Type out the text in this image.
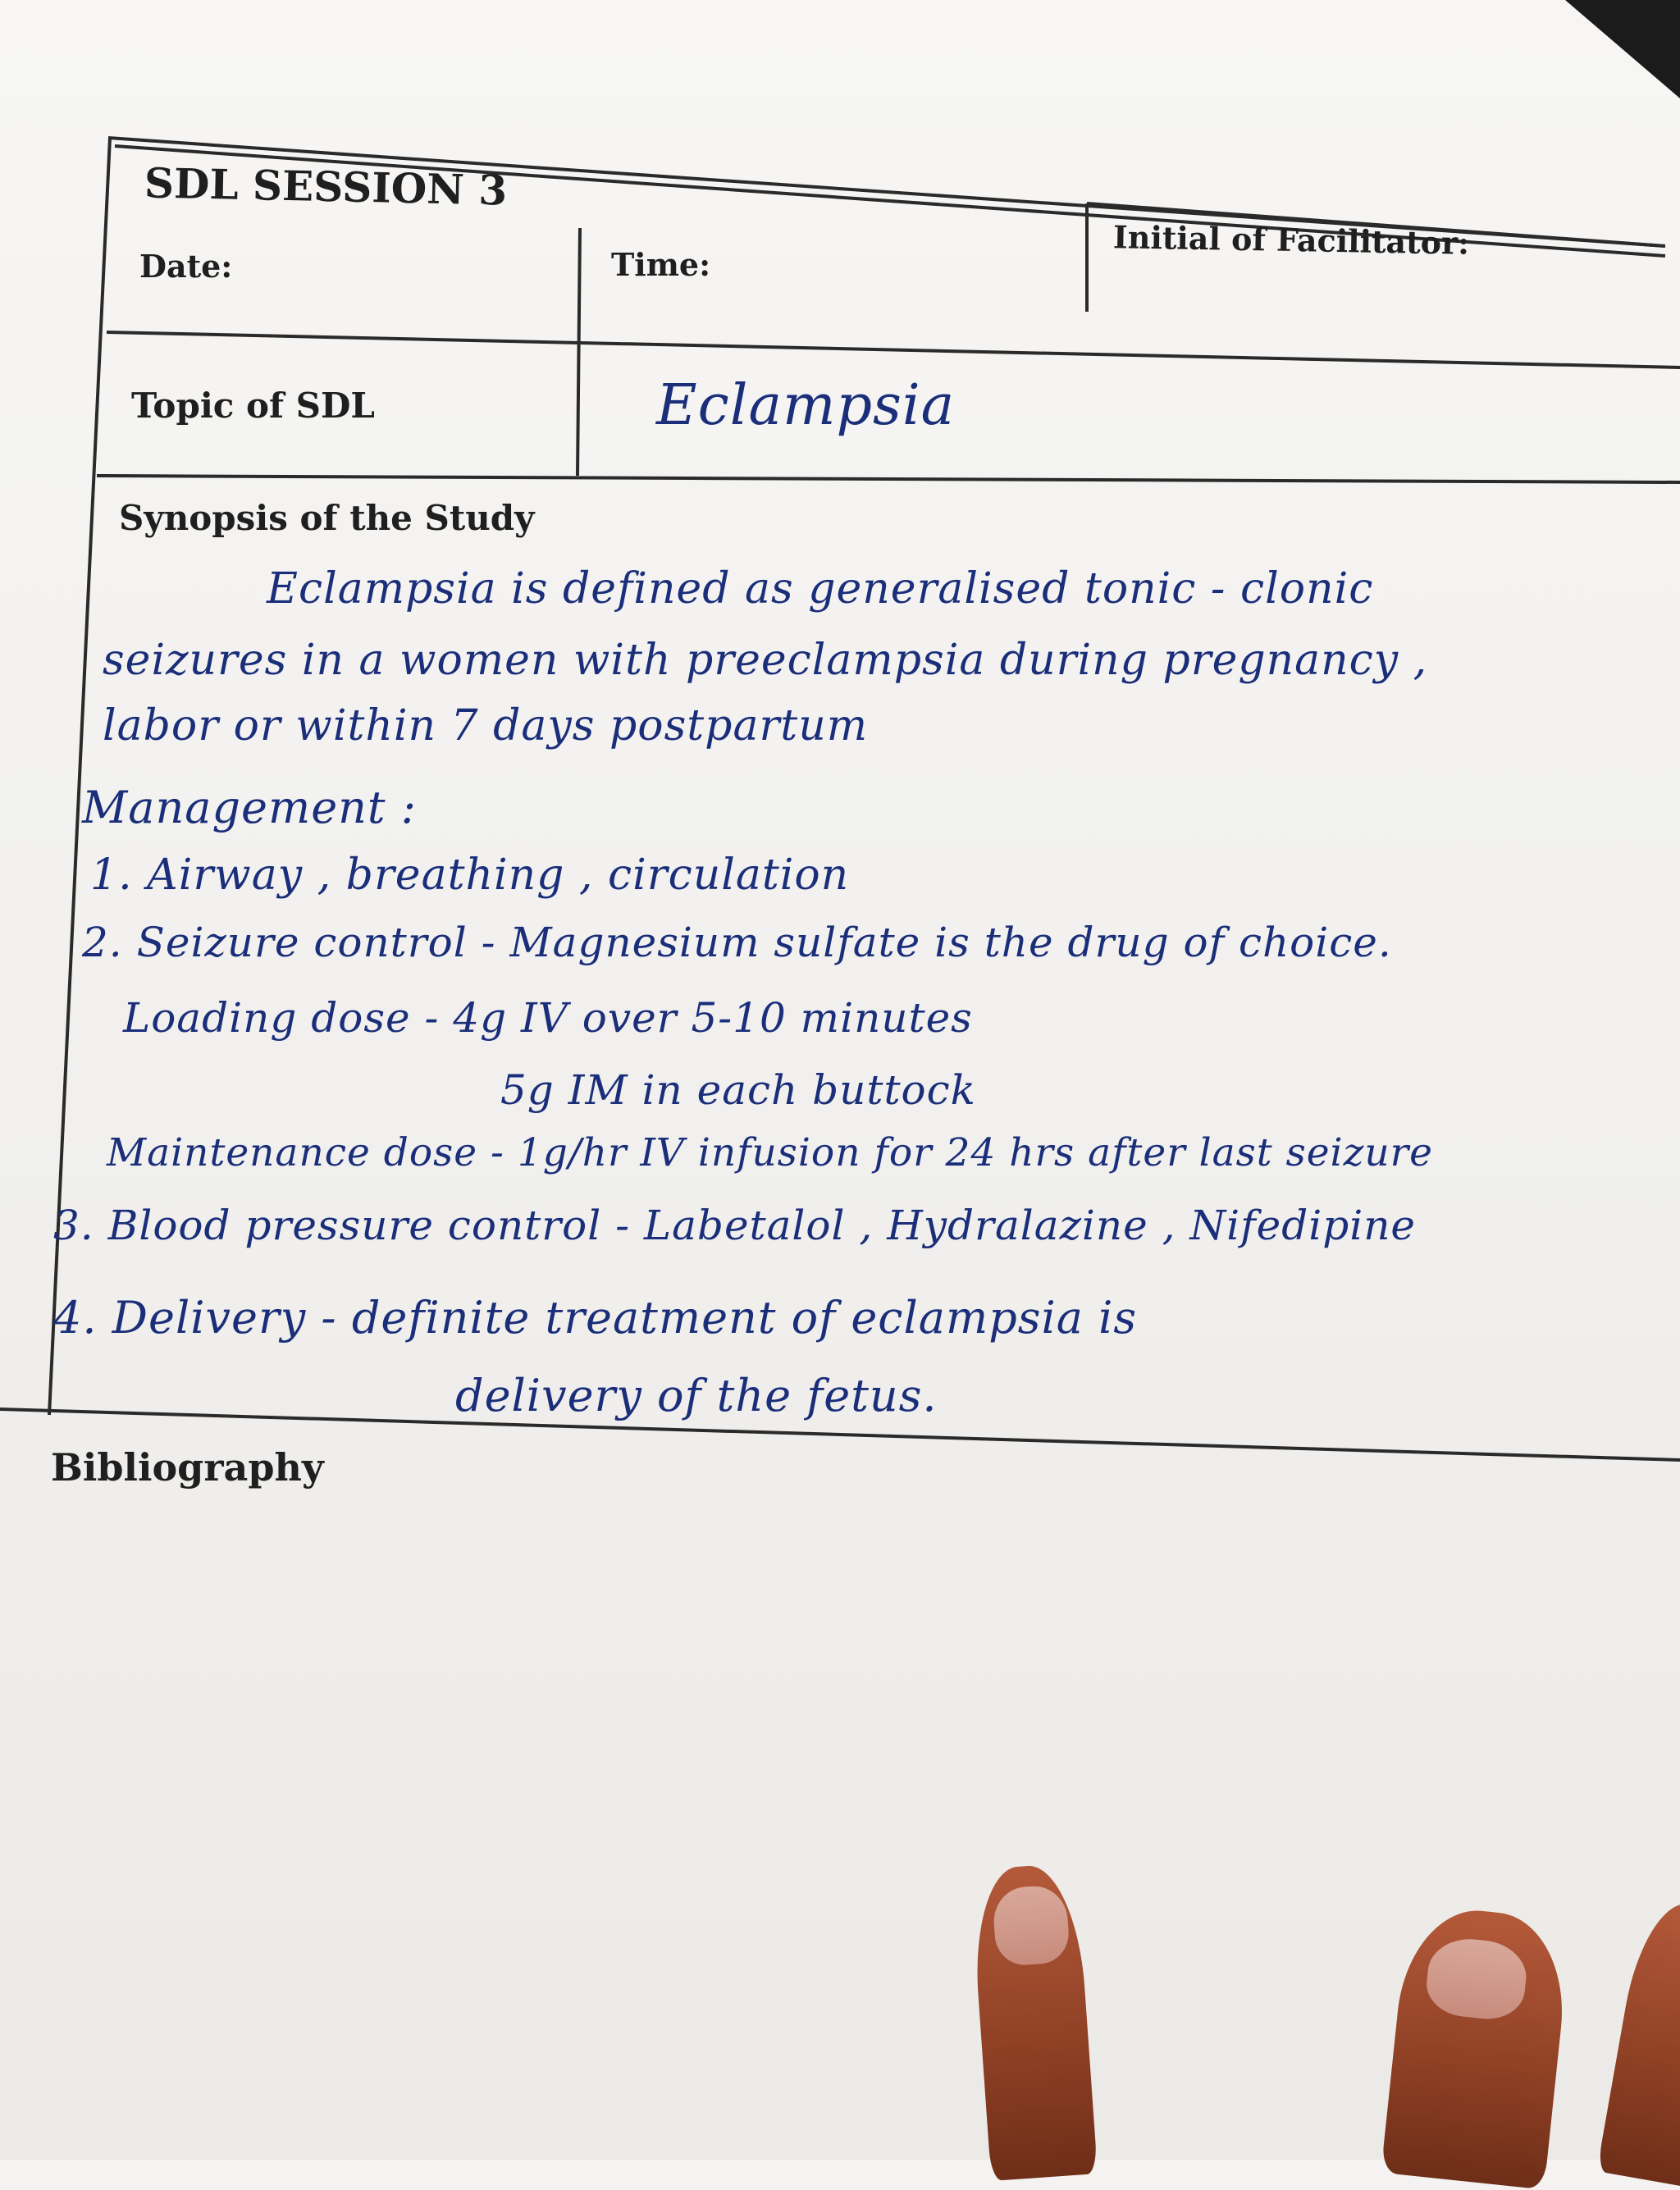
SDL SESSION 3
Date:	Time:
Initial of Facilitator:
Topic of SDL	Eclampsia
Synopsis of the Study
Eclampsia is defined as generalised tonic - clonic
seizures in a women with preeclampsia during pregnancy ,
labor or within 7 days postpartum
Management :
1. Airway , breathing , circulation
2. Seizure control - Magnesium sulfate is the drug of choice.
Loading dose - 4g IV over 5-10 minutes
5g IM in each buttock
Maintenance dose - 1g/hr IV infusion for 24 hrs after last seizure
3. Blood pressure control - Labetalol , Hydralazine , Nifedipine
4. Delivery - definite treatment of eclampsia is
delivery of the fetus.
Bibliography
